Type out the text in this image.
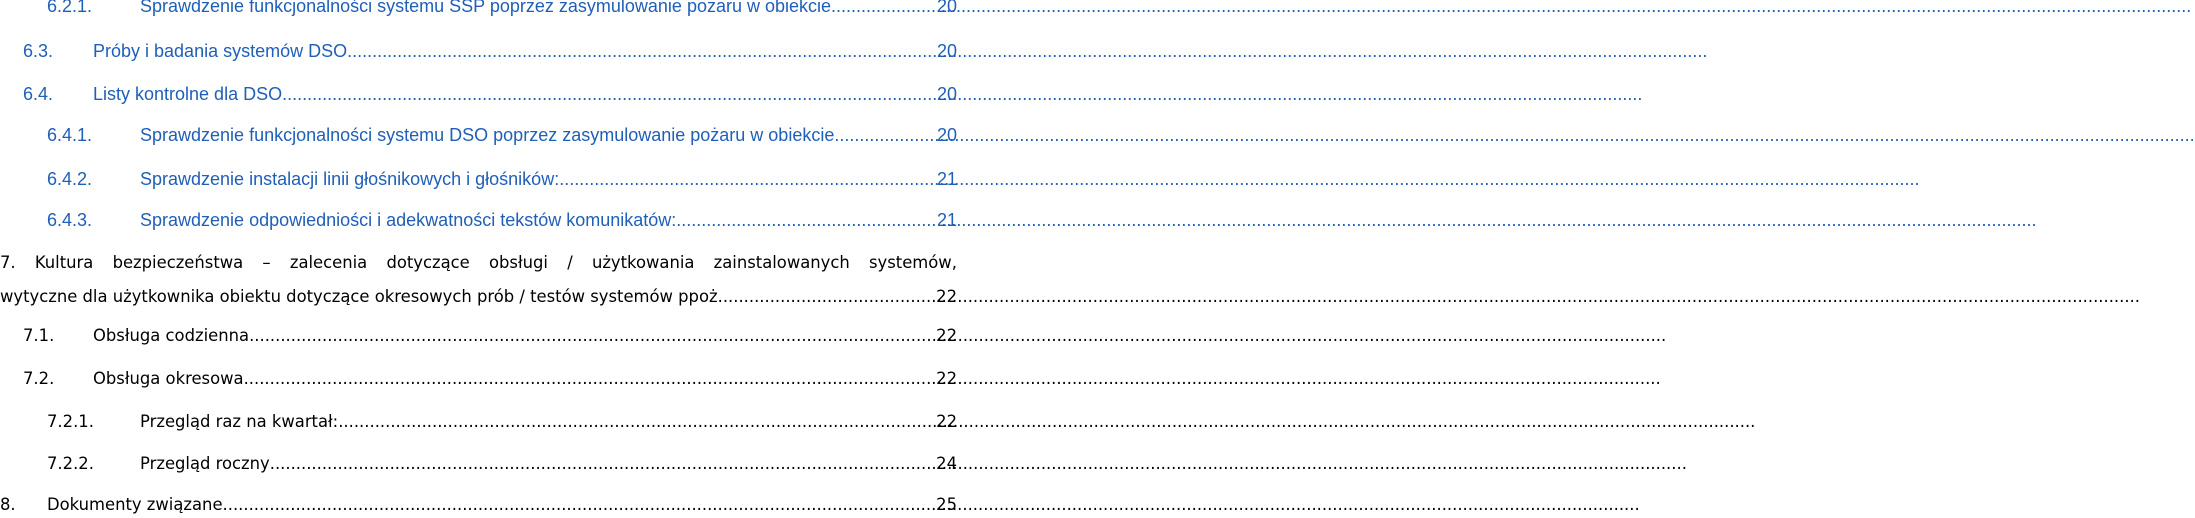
6.2.1.	Sprawdzenie funkcjonalności systemu SSP poprzez zasymulowanie pożaru w obiekcie .....	20
6.3.	Próby i badania systemów DSO .....	20
6.4.	Listy kontrolne dla DSO .....	20
6.4.1.	Sprawdzenie funkcjonalności systemu DSO poprzez zasymulowanie pożaru w obiekcie .....	20
6.4.2.	Sprawdzenie instalacji linii głośnikowych i głośników: .....	21
6.4.3.	Sprawdzenie odpowiedniości i adekwatności tekstów komunikatów: .....	21
7. Kultura bezpieczeństwa – zalecenia dotyczące obsługi / użytkowania zainstalowanych systemów,
wytyczne dla użytkownika obiektu dotyczące okresowych prób / testów systemów ppoż. .....	22
7.1.	Obsługa codzienna .....	22
7.2.	Obsługa okresowa .....	22
7.2.1.	Przegląd raz na kwartał: .....	22
7.2.2.	Przegląd roczny .....	24
8.	Dokumenty związane .....	25
